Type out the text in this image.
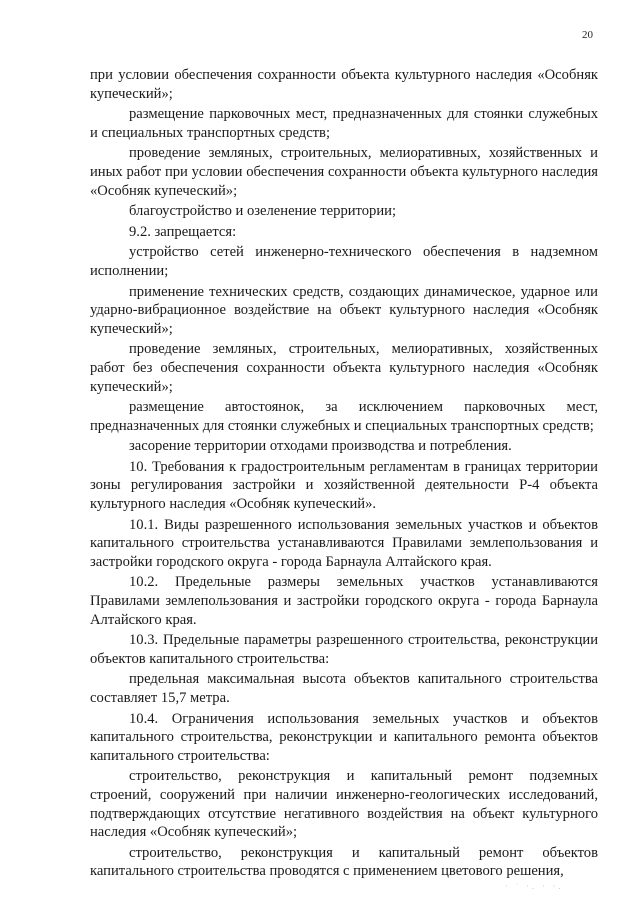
20

при условии обеспечения сохранности объекта культурного наследия «Особняк купеческий»;

размещение парковочных мест, предназначенных для стоянки служебных и специальных транспортных средств;

проведение земляных, строительных, мелиоративных, хозяйственных и иных работ при условии обеспечения сохранности объекта культурного наследия «Особняк купеческий»;

благоустройство и озеленение территории;

9.2. запрещается:

устройство сетей инженерно-технического обеспечения в надземном исполнении;

применение технических средств, создающих динамическое, ударное или ударно-вибрационное воздействие на объект культурного наследия «Особняк купеческий»;

проведение земляных, строительных, мелиоративных, хозяйственных работ без обеспечения сохранности объекта культурного наследия «Особняк купеческий»;

размещение автостоянок, за исключением парковочных мест, предназначенных для стоянки служебных и специальных транспортных средств;

засорение территории отходами производства и потребления.

10. Требования к градостроительным регламентам в границах территории зоны регулирования застройки и хозяйственной деятельности Р-4 объекта культурного наследия «Особняк купеческий».

10.1. Виды разрешенного использования земельных участков и объектов капитального строительства устанавливаются Правилами землепользования и застройки городского округа - города Барнаула Алтайского края.

10.2. Предельные размеры земельных участков устанавливаются Правилами землепользования и застройки городского округа - города Барнаула Алтайского края.

10.3. Предельные параметры разрешенного строительства, реконструкции объектов капитального строительства:

предельная максимальная высота объектов капитального строительства составляет 15,7 метра.

10.4. Ограничения использования земельных участков и объектов капитального строительства, реконструкции и капитального ремонта объектов капитального строительства:

строительство, реконструкция и капитальный ремонт подземных строений, сооружений при наличии инженерно-геологических исследований, подтверждающих отсутствие негативного воздействия на объект культурного наследия «Особняк купеческий»;

строительство, реконструкция и капитальный ремонт объектов капитального строительства проводятся с применением цветового решения,

· ˙ ·. · ·.
